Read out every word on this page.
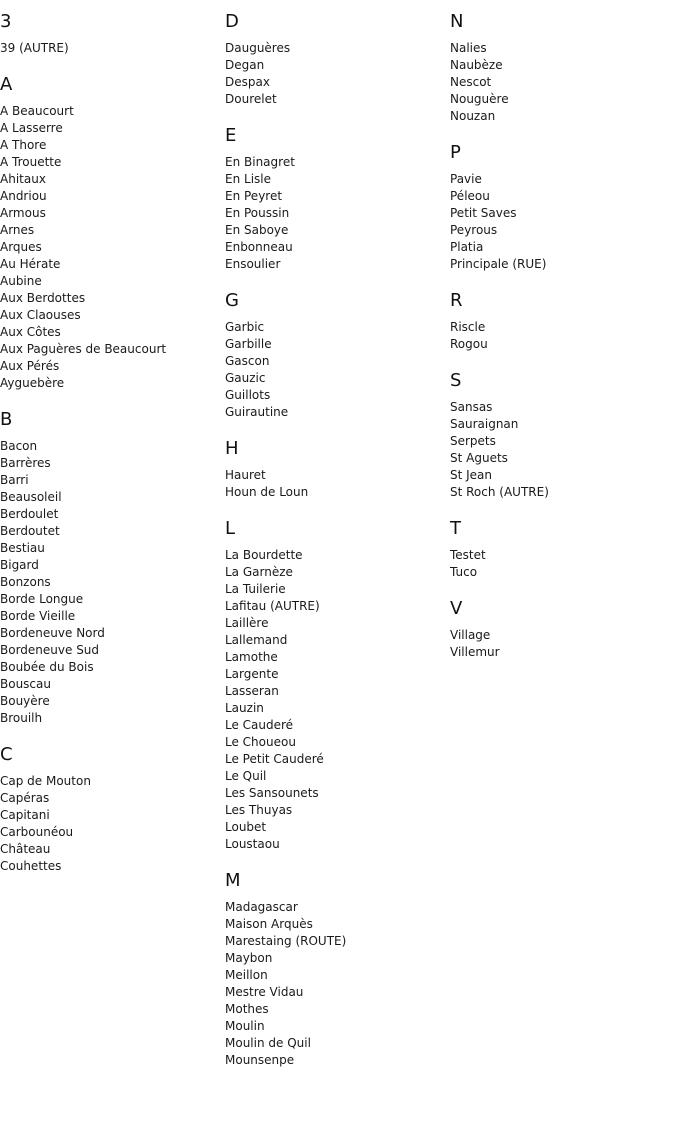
3
39 (AUTRE)
A
A Beaucourt
A Lasserre
A Thore
A Trouette
Ahitaux
Andriou
Armous
Arnes
Arques
Au Hérate
Aubine
Aux Berdottes
Aux Claouses
Aux Côtes
Aux Paguères de Beaucourt
Aux Pérés
Ayguebère
B
Bacon
Barrères
Barri
Beausoleil
Berdoulet
Berdoutet
Bestiau
Bigard
Bonzons
Borde Longue
Borde Vieille
Bordeneuve Nord
Bordeneuve Sud
Boubée du Bois
Bouscau
Bouyère
Brouilh
C
Cap de Mouton
Capéras
Capitani
Carbounéou
Château
Couhettes
D
Dauguères
Degan
Despax
Dourelet
E
En Binagret
En Lisle
En Peyret
En Poussin
En Saboye
Enbonneau
Ensoulier
G
Garbic
Garbille
Gascon
Gauzic
Guillots
Guirautine
H
Hauret
Houn de Loun
L
La Bourdette
La Garnèze
La Tuilerie
Lafitau (AUTRE)
Laillère
Lallemand
Lamothe
Largente
Lasseran
Lauzin
Le Cauderé
Le Choueou
Le Petit Cauderé
Le Quil
Les Sansounets
Les Thuyas
Loubet
Loustaou
M
Madagascar
Maison Arquès
Marestaing (ROUTE)
Maybon
Meillon
Mestre Vidau
Mothes
Moulin
Moulin de Quil
Mounsenpe
N
Nalies
Naubèze
Nescot
Nouguère
Nouzan
P
Pavie
Péleou
Petit Saves
Peyrous
Platia
Principale (RUE)
R
Riscle
Rogou
S
Sansas
Sauraignan
Serpets
St Aguets
St Jean
St Roch (AUTRE)
T
Testet
Tuco
V
Village
Villemur
